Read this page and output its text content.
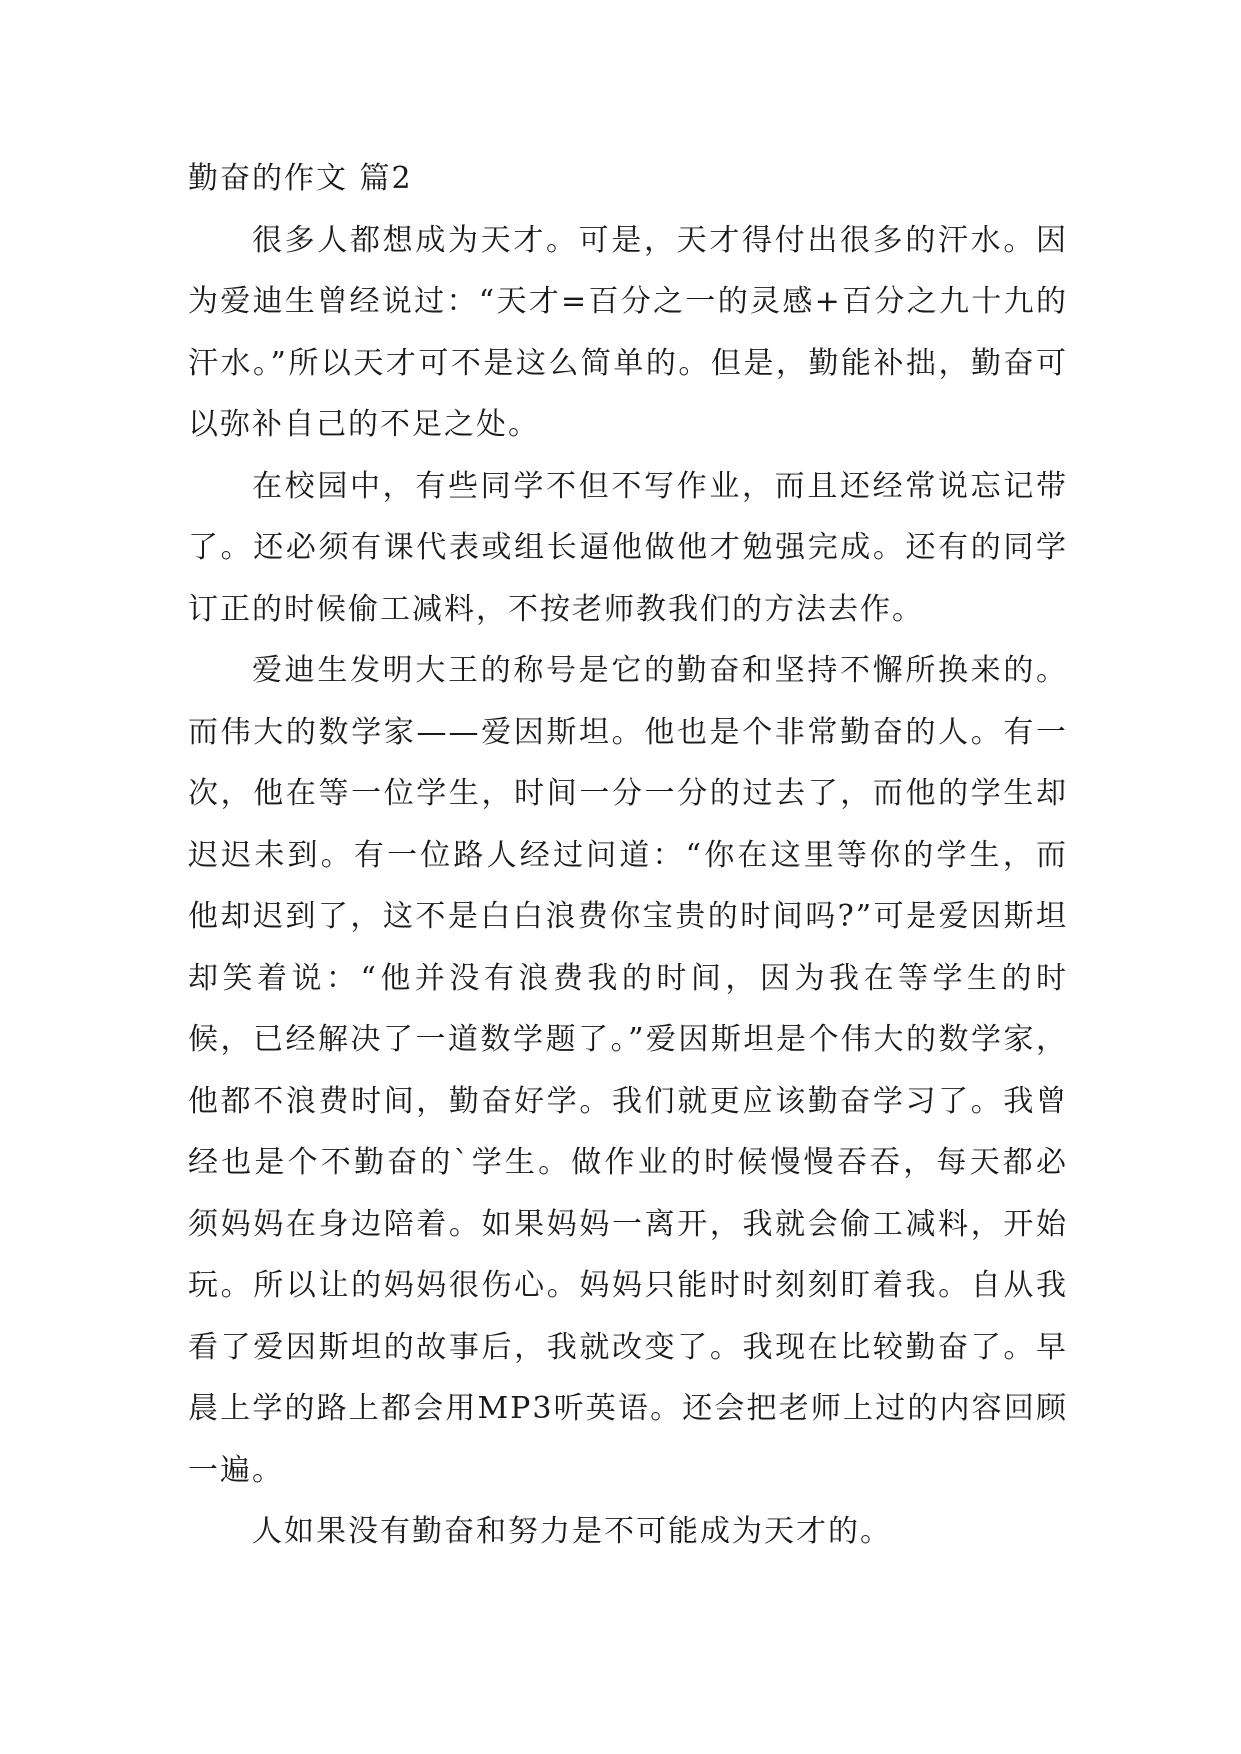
勤奋的作文 篇2

很多人都想成为天才。可是，天才得付出很多的汗水。因为爱迪生曾经说过：“天才=百分之一的灵感+百分之九十九的汗水。”所以天才可不是这么简单的。但是，勤能补拙，勤奋可以弥补自己的不足之处。

在校园中，有些同学不但不写作业，而且还经常说忘记带了。还必须有课代表或组长逼他做他才勉强完成。还有的同学订正的时候偷工减料，不按老师教我们的方法去作。

爱迪生发明大王的称号是它的勤奋和坚持不懈所换来的。而伟大的数学家——爱因斯坦。他也是个非常勤奋的人。有一次，他在等一位学生，时间一分一分的过去了，而他的学生却迟迟未到。有一位路人经过问道：“你在这里等你的学生，而他却迟到了，这不是白白浪费你宝贵的时间吗?”可是爱因斯坦却笑着说：“他并没有浪费我的时间，因为我在等学生的时候，已经解决了一道数学题了。”爱因斯坦是个伟大的数学家，他都不浪费时间，勤奋好学。我们就更应该勤奋学习了。我曾经也是个不勤奋的`学生。做作业的时候慢慢吞吞，每天都必须妈妈在身边陪着。如果妈妈一离开，我就会偷工减料，开始玩。所以让的妈妈很伤心。妈妈只能时时刻刻盯着我。自从我看了爱因斯坦的故事后，我就改变了。我现在比较勤奋了。早晨上学的路上都会用MP3听英语。还会把老师上过的内容回顾一遍。

人如果没有勤奋和努力是不可能成为天才的。
